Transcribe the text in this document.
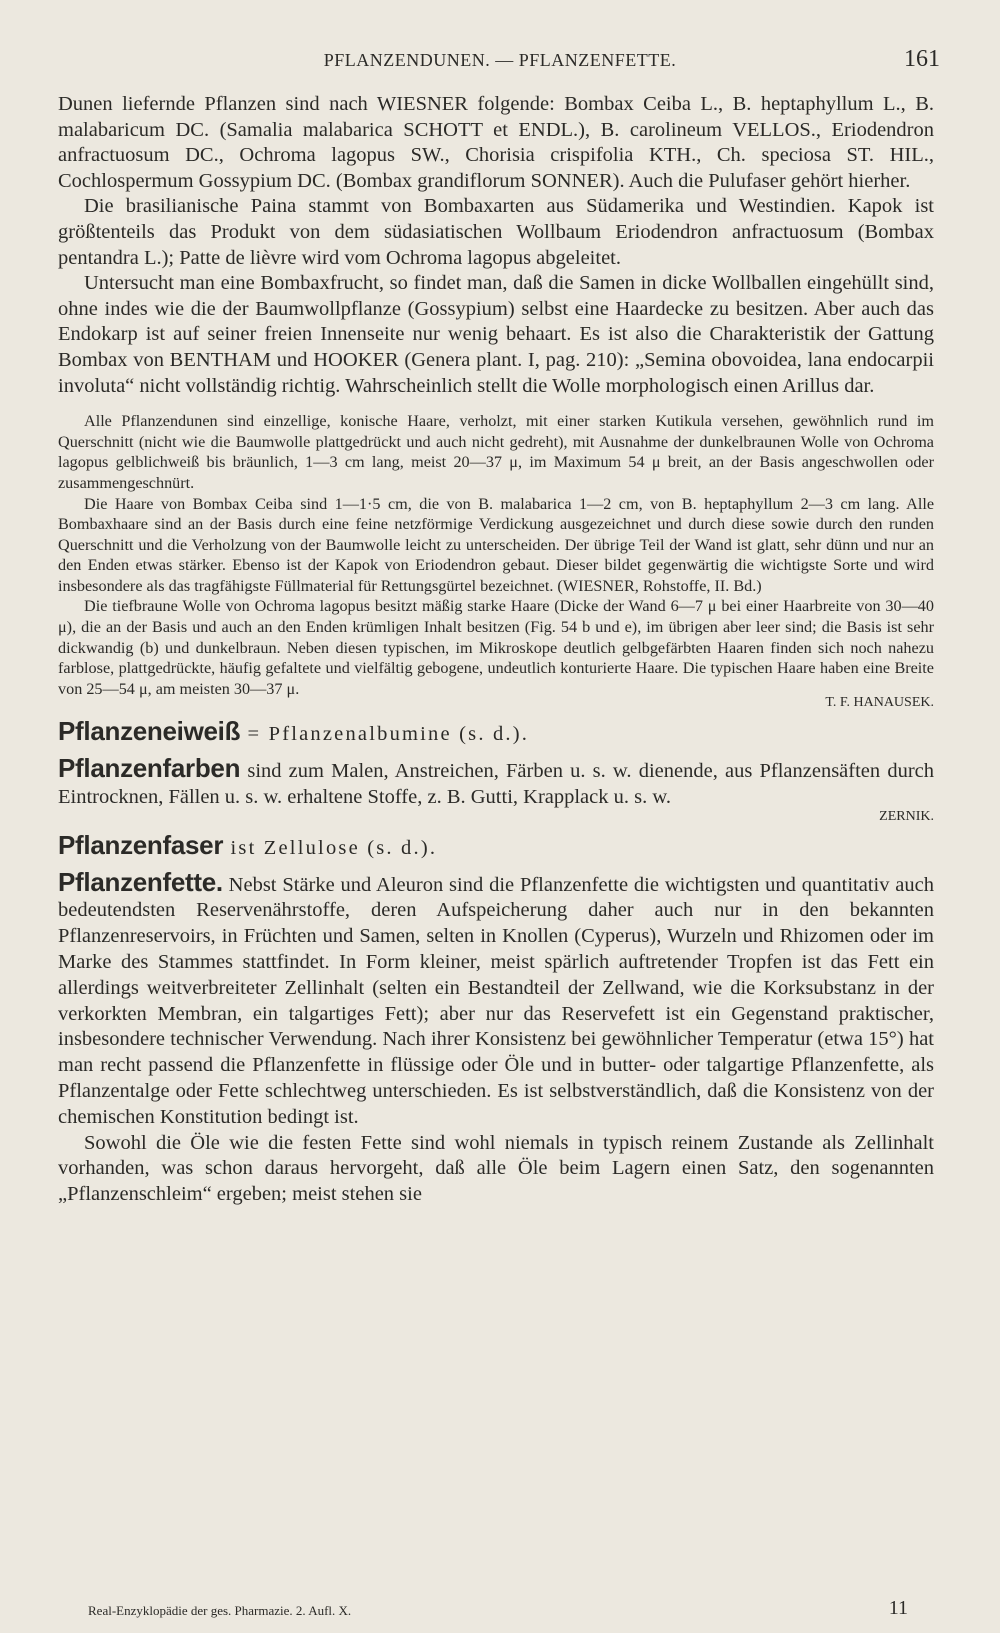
PFLANZENDUNEN. — PFLANZENFETTE.	161

Dunen liefernde Pflanzen sind nach WIESNER folgende: Bombax Ceiba L., B. heptaphyllum L., B. malabaricum DC. (Samalia malabarica SCHOTT et ENDL.), B. carolineum VELLOS., Eriodendron anfractuosum DC., Ochroma lagopus SW., Chorisia crispifolia KTH., Ch. speciosa ST. HIL., Cochlospermum Gossypium DC. (Bombax grandiflorum SONNER). Auch die Pulufaser gehört hierher.

Die brasilianische Paina stammt von Bombaxarten aus Südamerika und Westindien. Kapok ist größtenteils das Produkt von dem südasiatischen Wollbaum Eriodendron anfractuosum (Bombax pentandra L.); Patte de lièvre wird vom Ochroma lagopus abgeleitet.

Untersucht man eine Bombaxfrucht, so findet man, daß die Samen in dicke Wollballen eingehüllt sind, ohne indes wie die der Baumwollpflanze (Gossypium) selbst eine Haardecke zu besitzen. Aber auch das Endokarp ist auf seiner freien Innenseite nur wenig behaart. Es ist also die Charakteristik der Gattung Bombax von BENTHAM und HOOKER (Genera plant. I, pag. 210): „Semina obovoidea, lana endocarpii involuta“ nicht vollständig richtig. Wahrscheinlich stellt die Wolle morphologisch einen Arillus dar.

Alle Pflanzendunen sind einzellige, konische Haare, verholzt, mit einer starken Kutikula versehen, gewöhnlich rund im Querschnitt (nicht wie die Baumwolle plattgedrückt und auch nicht gedreht), mit Ausnahme der dunkelbraunen Wolle von Ochroma lagopus gelblichweiß bis bräunlich, 1—3 cm lang, meist 20—37 μ, im Maximum 54 μ breit, an der Basis angeschwollen oder zusammengeschnürt.

Die Haare von Bombax Ceiba sind 1—1·5 cm, die von B. malabarica 1—2 cm, von B. heptaphyllum 2—3 cm lang. Alle Bombaxhaare sind an der Basis durch eine feine netzförmige Verdickung ausgezeichnet und durch diese sowie durch den runden Querschnitt und die Verholzung von der Baumwolle leicht zu unterscheiden. Der übrige Teil der Wand ist glatt, sehr dünn und nur an den Enden etwas stärker. Ebenso ist der Kapok von Eriodendron gebaut. Dieser bildet gegenwärtig die wichtigste Sorte und wird insbesondere als das tragfähigste Füllmaterial für Rettungsgürtel bezeichnet. (WIESNER, Rohstoffe, II. Bd.)

Die tiefbraune Wolle von Ochroma lagopus besitzt mäßig starke Haare (Dicke der Wand 6—7 μ bei einer Haarbreite von 30—40 μ), die an der Basis und auch an den Enden krümligen Inhalt besitzen (Fig. 54 b und e), im übrigen aber leer sind; die Basis ist sehr dickwandig (b) und dunkelbraun. Neben diesen typischen, im Mikroskope deutlich gelbgefärbten Haaren finden sich noch nahezu farblose, plattgedrückte, häufig gefaltete und vielfältig gebogene, undeutlich konturierte Haare. Die typischen Haare haben eine Breite von 25—54 μ, am meisten 30—37 μ.

T. F. HANAUSEK.

Pflanzeneiweiß = Pflanzenalbumine (s. d.).

Pflanzenfarben sind zum Malen, Anstreichen, Färben u. s. w. dienende, aus Pflanzensäften durch Eintrocknen, Fällen u. s. w. erhaltene Stoffe, z. B. Gutti, Krapplack u. s. w.

ZERNIK.

Pflanzenfaser ist Zellulose (s. d.).

Pflanzenfette. Nebst Stärke und Aleuron sind die Pflanzenfette die wichtigsten und quantitativ auch bedeutendsten Reservenährstoffe, deren Aufspeicherung daher auch nur in den bekannten Pflanzenreservoirs, in Früchten und Samen, selten in Knollen (Cyperus), Wurzeln und Rhizomen oder im Marke des Stammes stattfindet. In Form kleiner, meist spärlich auftretender Tropfen ist das Fett ein allerdings weitverbreiteter Zellinhalt (selten ein Bestandteil der Zellwand, wie die Korksubstanz in der verkorkten Membran, ein talgartiges Fett); aber nur das Reservefett ist ein Gegenstand praktischer, insbesondere technischer Verwendung. Nach ihrer Konsistenz bei gewöhnlicher Temperatur (etwa 15°) hat man recht passend die Pflanzenfette in flüssige oder Öle und in butter- oder talgartige Pflanzenfette, als Pflanzentalge oder Fette schlechtweg unterschieden. Es ist selbstverständlich, daß die Konsistenz von der chemischen Konstitution bedingt ist.

Sowohl die Öle wie die festen Fette sind wohl niemals in typisch reinem Zustande als Zellinhalt vorhanden, was schon daraus hervorgeht, daß alle Öle beim Lagern einen Satz, den sogenannten „Pflanzenschleim“ ergeben; meist stehen sie

Real-Enzyklopädie der ges. Pharmazie. 2. Aufl. X.	11
